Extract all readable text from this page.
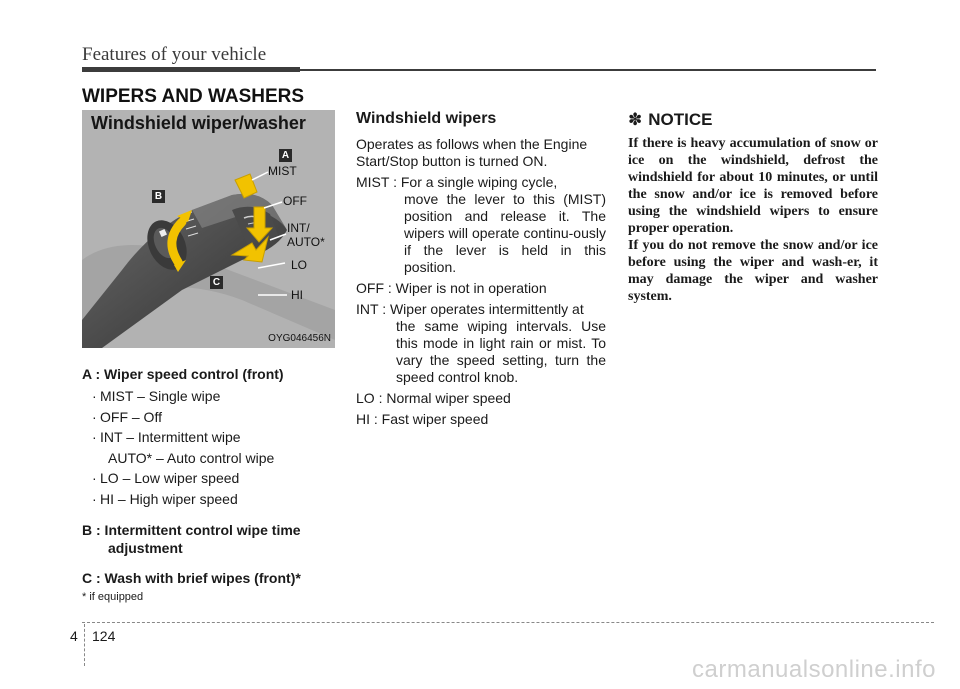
Features of your vehicle
WIPERS AND WASHERS
Windshield wiper/washer
A
B
C
MIST
OFF
INT/
AUTO*
LO
HI
OYG046456N
A : Wiper speed control (front)
· MIST – Single wipe
· OFF – Off
· INT – Intermittent wipe
AUTO* – Auto control wipe
· LO – Low wiper speed
· HI – High wiper speed
B : Intermittent control wipe time
adjustment
C : Wash with brief wipes (front)*
* if equipped
Windshield wipers
Operates as follows when the Engine Start/Stop button is turned ON.
MIST : For a single wiping cycle,
move the lever to this (MIST) position and release it. The wipers will operate continu-ously if the lever is held in this position.
OFF : Wiper is not in operation
INT : Wiper operates intermittently at
the same wiping intervals. Use this mode in light rain or mist. To vary the speed setting, turn the speed control knob.
LO : Normal wiper speed
HI : Fast wiper speed
✽ NOTICE

If there is heavy accumulation of snow or ice on the windshield, defrost the windshield for about 10 minutes, or until the snow and/or ice is removed before using the windshield wipers to ensure proper operation.

If you do not remove the snow and/or ice before using the wiper and wash-er, it may damage the wiper and washer system.

4 124
carmanualsonline.info
